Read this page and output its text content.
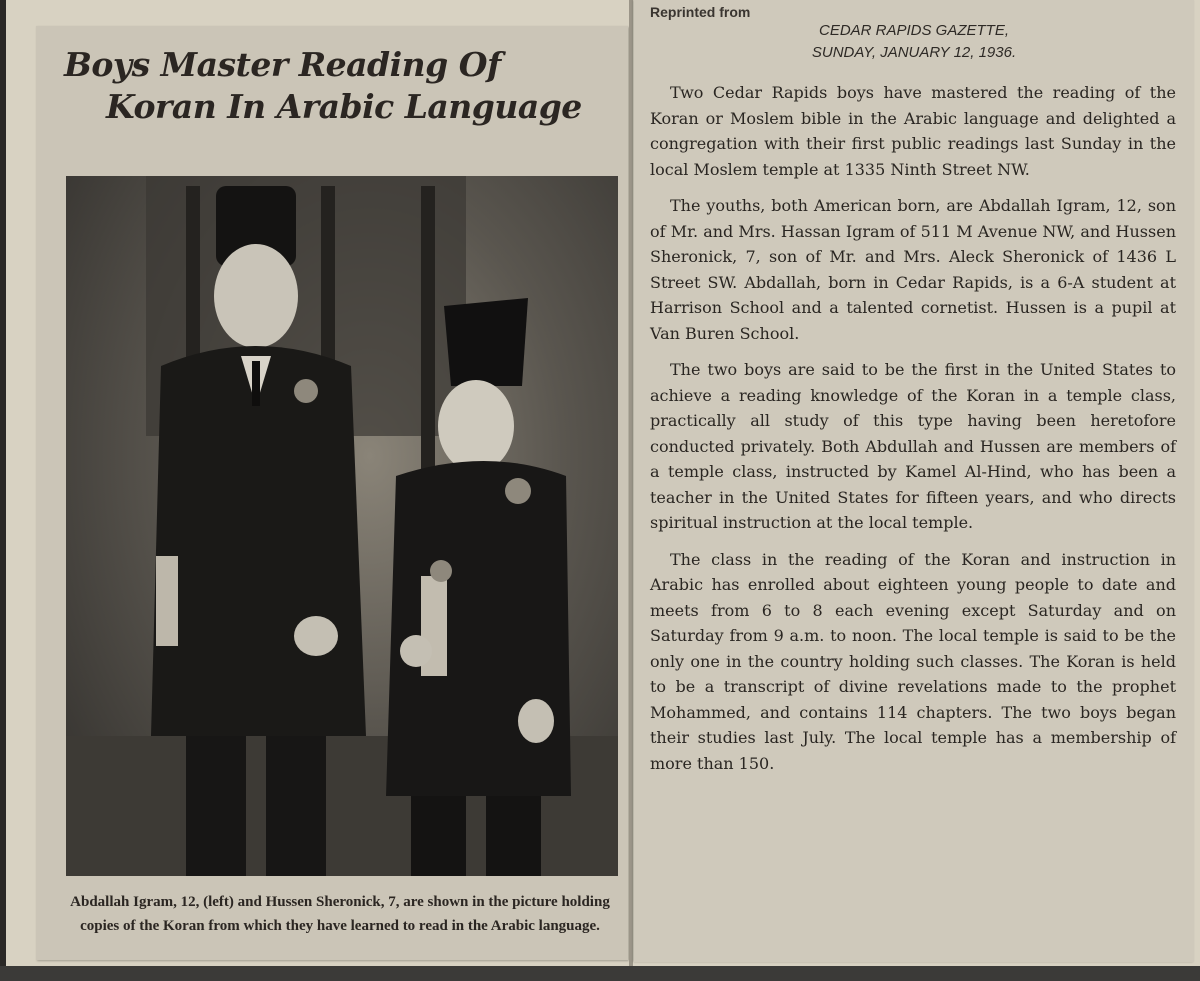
Boys Master Reading Of
Koran In Arabic Language
Abdallah Igram, 12, (left) and Hussen Sheronick, 7, are shown in the picture holding copies of the Koran from which they have learned to read in the Arabic language.
Reprinted from
CEDAR RAPIDS GAZETTE,
SUNDAY, JANUARY 12, 1936.

Two Cedar Rapids boys have mastered the reading of the Koran or Moslem bible in the Arabic language and delighted a congregation with their first public readings last Sunday in the local Moslem temple at 1335 Ninth Street NW.

The youths, both American born, are Abdallah Igram, 12, son of Mr. and Mrs. Hassan Igram of 511 M Avenue NW, and Hussen Sheronick, 7, son of Mr. and Mrs. Aleck Sheronick of 1436 L Street SW. Abdallah, born in Cedar Rapids, is a 6-A student at Harrison School and a talented cornetist. Hussen is a pupil at Van Buren School.

The two boys are said to be the first in the United States to achieve a reading knowledge of the Koran in a temple class, practically all study of this type having been heretofore conducted privately. Both Abdullah and Hussen are members of a temple class, instructed by Kamel Al-Hind, who has been a teacher in the United States for fifteen years, and who directs spiritual instruction at the local temple.

The class in the reading of the Koran and instruction in Arabic has enrolled about eighteen young people to date and meets from 6 to 8 each evening except Saturday and on Saturday from 9 a.m. to noon. The local temple is said to be the only one in the country holding such classes. The Koran is held to be a transcript of divine revelations made to the prophet Mohammed, and contains 114 chapters. The two boys began their studies last July. The local temple has a membership of more than 150.
